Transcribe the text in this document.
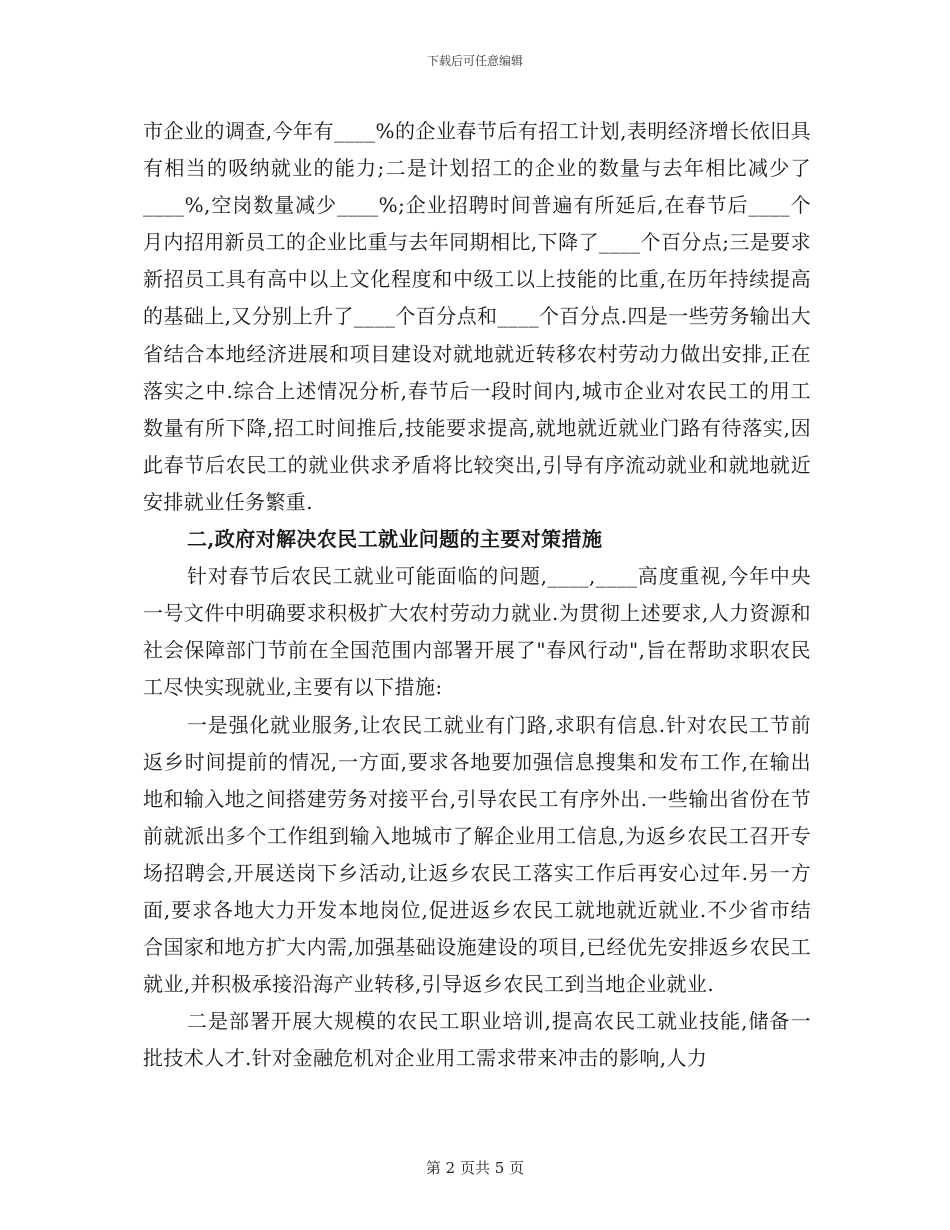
下载后可任意编辑

市企业的调查,今年有____%的企业春节后有招工计划,表明经济增长依旧具有相当的吸纳就业的能力;二是计划招工的企业的数量与去年相比减少了____%,空岗数量减少____%;企业招聘时间普遍有所延后,在春节后____个月内招用新员工的企业比重与去年同期相比,下降了____个百分点;三是要求新招员工具有高中以上文化程度和中级工以上技能的比重,在历年持续提高的基础上,又分别上升了____个百分点和____个百分点.四是一些劳务输出大省结合本地经济进展和项目建设对就地就近转移农村劳动力做出安排,正在落实之中.综合上述情况分析,春节后一段时间内,城市企业对农民工的用工数量有所下降,招工时间推后,技能要求提高,就地就近就业门路有待落实,因此春节后农民工的就业供求矛盾将比较突出,引导有序流动就业和就地就近安排就业任务繁重.

二,政府对解决农民工就业问题的主要对策措施

针对春节后农民工就业可能面临的问题,____,____高度重视,今年中央一号文件中明确要求积极扩大农村劳动力就业.为贯彻上述要求,人力资源和社会保障部门节前在全国范围内部署开展了"春风行动",旨在帮助求职农民工尽快实现就业,主要有以下措施:

一是强化就业服务,让农民工就业有门路,求职有信息.针对农民工节前返乡时间提前的情况,一方面,要求各地要加强信息搜集和发布工作,在输出地和输入地之间搭建劳务对接平台,引导农民工有序外出.一些输出省份在节前就派出多个工作组到输入地城市了解企业用工信息,为返乡农民工召开专场招聘会,开展送岗下乡活动,让返乡农民工落实工作后再安心过年.另一方面,要求各地大力开发本地岗位,促进返乡农民工就地就近就业.不少省市结合国家和地方扩大内需,加强基础设施建设的项目,已经优先安排返乡农民工就业,并积极承接沿海产业转移,引导返乡农民工到当地企业就业.

二是部署开展大规模的农民工职业培训,提高农民工就业技能,储备一批技术人才.针对金融危机对企业用工需求带来冲击的影响,人力

第 2 页共 5 页
